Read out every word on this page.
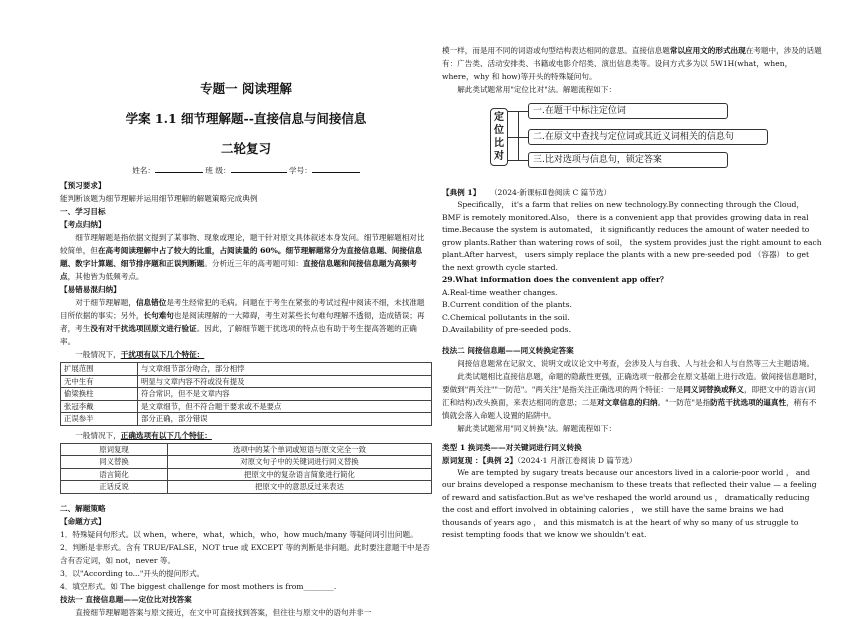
专题一 阅读理解
学案 1.1 细节理解题--直接信息与间接信息
二轮复习
姓名：	班 级：	学号：

【预习要求】

能判断该题为细节理解并运用细节理解的解题策略完成典例

一、学习目标

【考点归纳】

细节理解题是指依据文提到了某事物、现象或理论，题干针对原文具体叙述本身发问。细节理解题相对比较简单，但在高考阅读理解中占了较大的比重，占阅读量的 60%。细节理解题常分为直接信息题、间接信息题、数字计算题、细节排序题和正误判断题。分析近三年的高考题可知：直接信息题和间接信息题为高频考点，其他皆为低频考点。

【易错易混归纳】

对于细节理解题，信息错位是考生经常犯的毛病。问题在于考生在紧张的考试过程中阅读不细，未找准题目所依据的事实；另外，长句难句也是阅读理解的一大障碍，考生对某些长句难句理解不透彻，造成错误；再者，考生没有对干扰选项回原文进行验证。因此，了解细节题干扰选项的特点也有助于考生提高答题的正确率。

一般情况下，干扰项有以下几个特征：

扩展范围	与文章细节部分吻合，部分相悖
无中生有	明显与文章内容不符或没有提及
偷梁换柱	符合常识，但不是文章内容
张冠李戴	是文章细节，但不符合题干要求或不是要点
正误参半	部分正确，部分错误

一般情况下，正确选项有以下几个特征：

原词复现	选项中的某个单词或短语与原文完全一致
同义替换	对原文句子中的关键词进行同义替换
语言简化	把原文中的复杂语言简象进行简化
正话反说	把原文中的意思反过来表达

二、解题策略

【命题方式】

1．特殊疑问句形式。以 when，where，what，which，who，how much/many 等疑问词引出问题。

2．判断是非形式。含有 TRUE/FALSE，NOT true 或 EXCEPT 等的判断是非问题。此时要注意题干中是否含有否定词，如 not，never 等。

3．以"According to..."开头的提问形式。

4．填空形式。如 The biggest challenge for most mothers is from________.

技法一 直接信息题——定位比对找答案

直接细节理解题答案与原文接近，在文中可直接找到答案，但往往与原文中的语句并非一

模一样，而是用不同的词语或句型结构表达相同的意思。直接信息题常以应用文的形式出现在考题中，涉及的话题有：广告类、活动安排类、书籍或电影介绍类、演出信息类等。设问方式多为以 5W1H(what，when，where，why 和 how)等开头的特殊疑问句。

解此类试题常用"定位比对"法。解题流程如下：

定
位
比
对
一.在题干中标注定位词
二.在原文中查找与定位词或其近义词相关的信息句
三.比对选项与信息句，锁定答案

【典例 1】 （2024·新课标Ⅱ卷阅读 C 篇节选）

Specifically， it's a farm that relies on new technology.By connecting through the Cloud， BMF is remotely monitored.Also， there is a convenient app that provides growing data in real time.Because the system is automated， it significantly reduces the amount of water needed to grow plants.Rather than watering rows of soil， the system provides just the right amount to each plant.After harvest， users simply replace the plants with a new pre-seeded pod （容器） to get the next growth cycle started.

29.What information does the convenient app offer？

A.Real-time weather changes.

B.Current condition of the plants.

C.Chemical pollutants in the soil.

D.Availability of pre-seeded pods.

技法二 间接信息题——同义转换定答案

间接信息题常在记叙文、说明文或议论文中考查，会涉及人与自我、人与社会和人与自然等三大主题语境。

此类试题相比直接信息题，命题的隐蔽性更强，正确选项一般都会在原文基础上进行改造。做间接信息题时，要做到"两关注""一防范"。"两关注"是指关注正确选项的两个特征：一是同义词替换或释义，即把文中的语言(词汇和结构)改头换面，来表达相同的意思；二是对文章信息的归纳。"一防范"是指防范干扰选项的逼真性，稍有不慎就会落入命题人设置的陷阱中。

解此类试题常用"同义转换"法。解题流程如下：

类型 1 换词类——对关键词进行同义转换

原词复现 ：【典例 2】（2024·1 月浙江卷阅读 D 篇节选）

We are tempted by sugary treats because our ancestors lived in a calorie-poor world ， and our brains developed a response mechanism to these treats that reflected their value — a feeling of reward and satisfaction.But as we've reshaped the world around us ， dramatically reducing the cost and effort involved in obtaining calories ， we still have the same brains we had thousands of years ago ， and this mismatch is at the heart of why so many of us struggle to resist tempting foods that we know we shouldn't eat.
